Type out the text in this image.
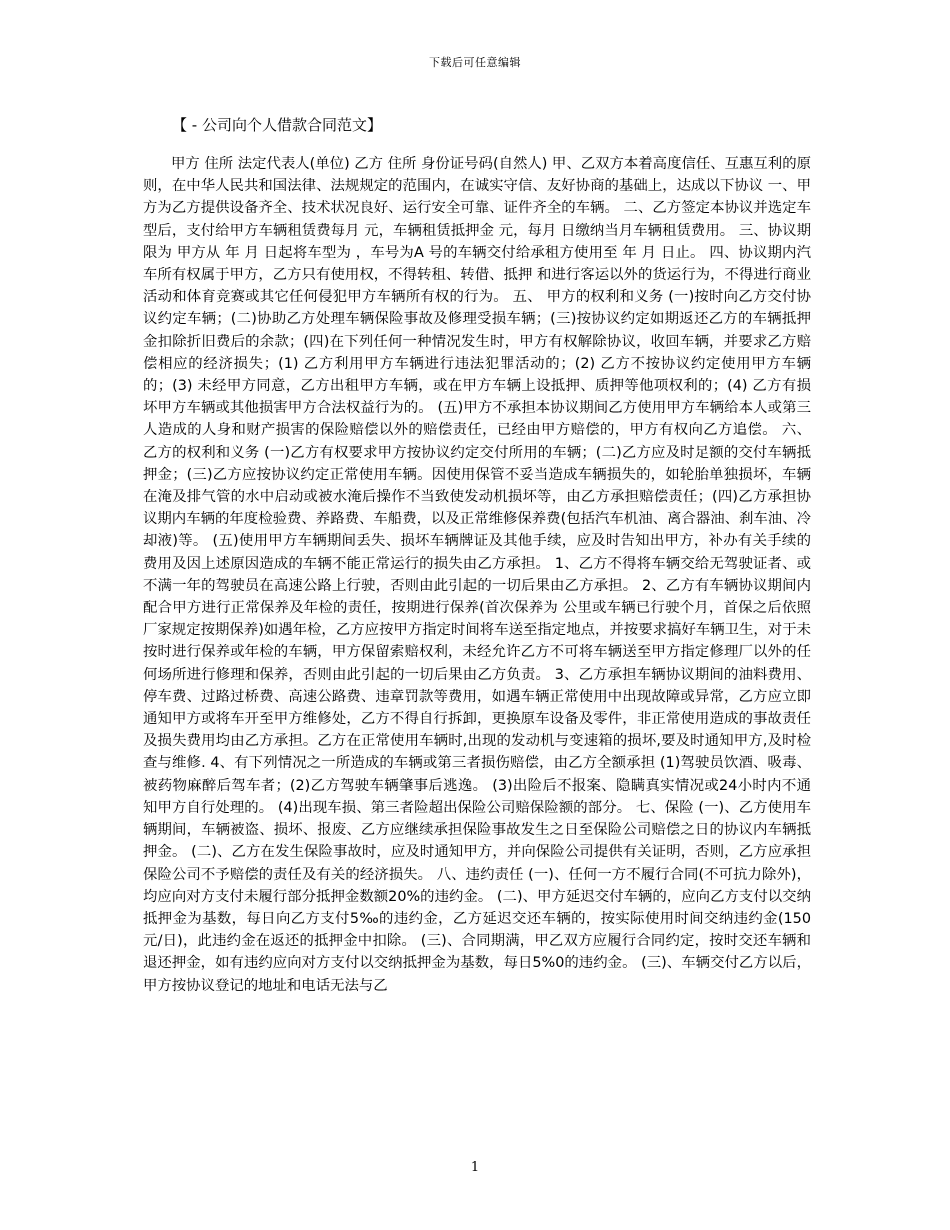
下载后可任意编辑
【 - 公司向个人借款合同范文】

甲方 住所 法定代表人(单位) 乙方 住所 身份证号码(自然人) 甲、乙双方本着高度信任、互惠互利的原则，在中华人民共和国法律、法规规定的范围内，在诚实守信、友好协商的基础上，达成以下协议 一、甲方为乙方提供设备齐全、技术状况良好、运行安全可靠、证件齐全的车辆。 二、乙方签定本协议并选定车型后，支付给甲方车辆租赁费每月 元，车辆租赁抵押金 元，每月 日缴纳当月车辆租赁费用。 三、协议期限为 甲方从 年 月 日起将车型为 ，车号为A 号的车辆交付给承租方使用至 年 月 日止。 四、协议期内汽车所有权属于甲方，乙方只有使用权，不得转租、转借、抵押 和进行客运以外的货运行为，不得进行商业活动和体育竞赛或其它任何侵犯甲方车辆所有权的行为。 五、 甲方的权利和义务 (一)按时向乙方交付协议约定车辆；(二)协助乙方处理车辆保险事故及修理受损车辆；(三)按协议约定如期返还乙方的车辆抵押金扣除折旧费后的余款；(四)在下列任何一种情况发生时，甲方有权解除协议，收回车辆，并要求乙方赔偿相应的经济损失；(1) 乙方利用甲方车辆进行违法犯罪活动的；(2) 乙方不按协议约定使用甲方车辆的；(3) 未经甲方同意，乙方出租甲方车辆，或在甲方车辆上设抵押、质押等他项权利的；(4) 乙方有损坏甲方车辆或其他损害甲方合法权益行为的。 (五)甲方不承担本协议期间乙方使用甲方车辆给本人或第三人造成的人身和财产损害的保险赔偿以外的赔偿责任，已经由甲方赔偿的，甲方有权向乙方追偿。 六、 乙方的权利和义务 (一)乙方有权要求甲方按协议约定交付所用的车辆；(二)乙方应及时足额的交付车辆抵押金；(三)乙方应按协议约定正常使用车辆。因使用保管不妥当造成车辆损失的，如轮胎单独损坏，车辆在淹及排气管的水中启动或被水淹后操作不当致使发动机损坏等，由乙方承担赔偿责任；(四)乙方承担协议期内车辆的年度检验费、养路费、车船费，以及正常维修保养费(包括汽车机油、离合器油、刹车油、冷却液)等。 (五)使用甲方车辆期间丢失、损坏车辆牌证及其他手续，应及时告知出甲方，补办有关手续的费用及因上述原因造成的车辆不能正常运行的损失由乙方承担。 1、乙方不得将车辆交给无驾驶证者、或不满一年的驾驶员在高速公路上行驶，否则由此引起的一切后果由乙方承担。 2、乙方有车辆协议期间内配合甲方进行正常保养及年检的责任，按期进行保养(首次保养为 公里或车辆已行驶个月，首保之后依照厂家规定按期保养)如遇年检，乙方应按甲方指定时间将车送至指定地点，并按要求搞好车辆卫生，对于未按时进行保养或年检的车辆，甲方保留索赔权利，未经允许乙方不可将车辆送至甲方指定修理厂以外的任何场所进行修理和保养，否则由此引起的一切后果由乙方负责。 3、乙方承担车辆协议期间的油料费用、停车费、过路过桥费、高速公路费、违章罚款等费用，如遇车辆正常使用中出现故障或异常，乙方应立即通知甲方或将车开至甲方维修处，乙方不得自行拆卸，更换原车设备及零件，非正常使用造成的事故责任及损失费用均由乙方承担。乙方在正常使用车辆时,出现的发动机与变速箱的损坏,要及时通知甲方,及时检查与维修. 4、有下列情况之一所造成的车辆或第三者损伤赔偿，由乙方全额承担 (1)驾驶员饮酒、吸毒、被药物麻醉后驾车者；(2)乙方驾驶车辆肇事后逃逸。 (3)出险后不报案、隐瞒真实情况或24小时内不通知甲方自行处理的。 (4)出现车损、第三者险超出保险公司赔保险额的部分。 七、保险 (一)、乙方使用车辆期间，车辆被盗、损坏、报废、乙方应继续承担保险事故发生之日至保险公司赔偿之日的协议内车辆抵押金。 (二)、乙方在发生保险事故时，应及时通知甲方，并向保险公司提供有关证明，否则，乙方应承担保险公司不予赔偿的责任及有关的经济损失。 八、违约责任 (一)、任何一方不履行合同(不可抗力除外)，均应向对方支付未履行部分抵押金数额20%的违约金。 (二)、甲方延迟交付车辆的，应向乙方支付以交纳抵押金为基数，每日向乙方支付5‰的违约金，乙方延迟交还车辆的，按实际使用时间交纳违约金(150元/日)，此违约金在返还的抵押金中扣除。 (三)、合同期满，甲乙双方应履行合同约定，按时交还车辆和退还押金，如有违约应向对方支付以交纳抵押金为基数，每日5%0的违约金。 (三)、车辆交付乙方以后，甲方按协议登记的地址和电话无法与乙

1
